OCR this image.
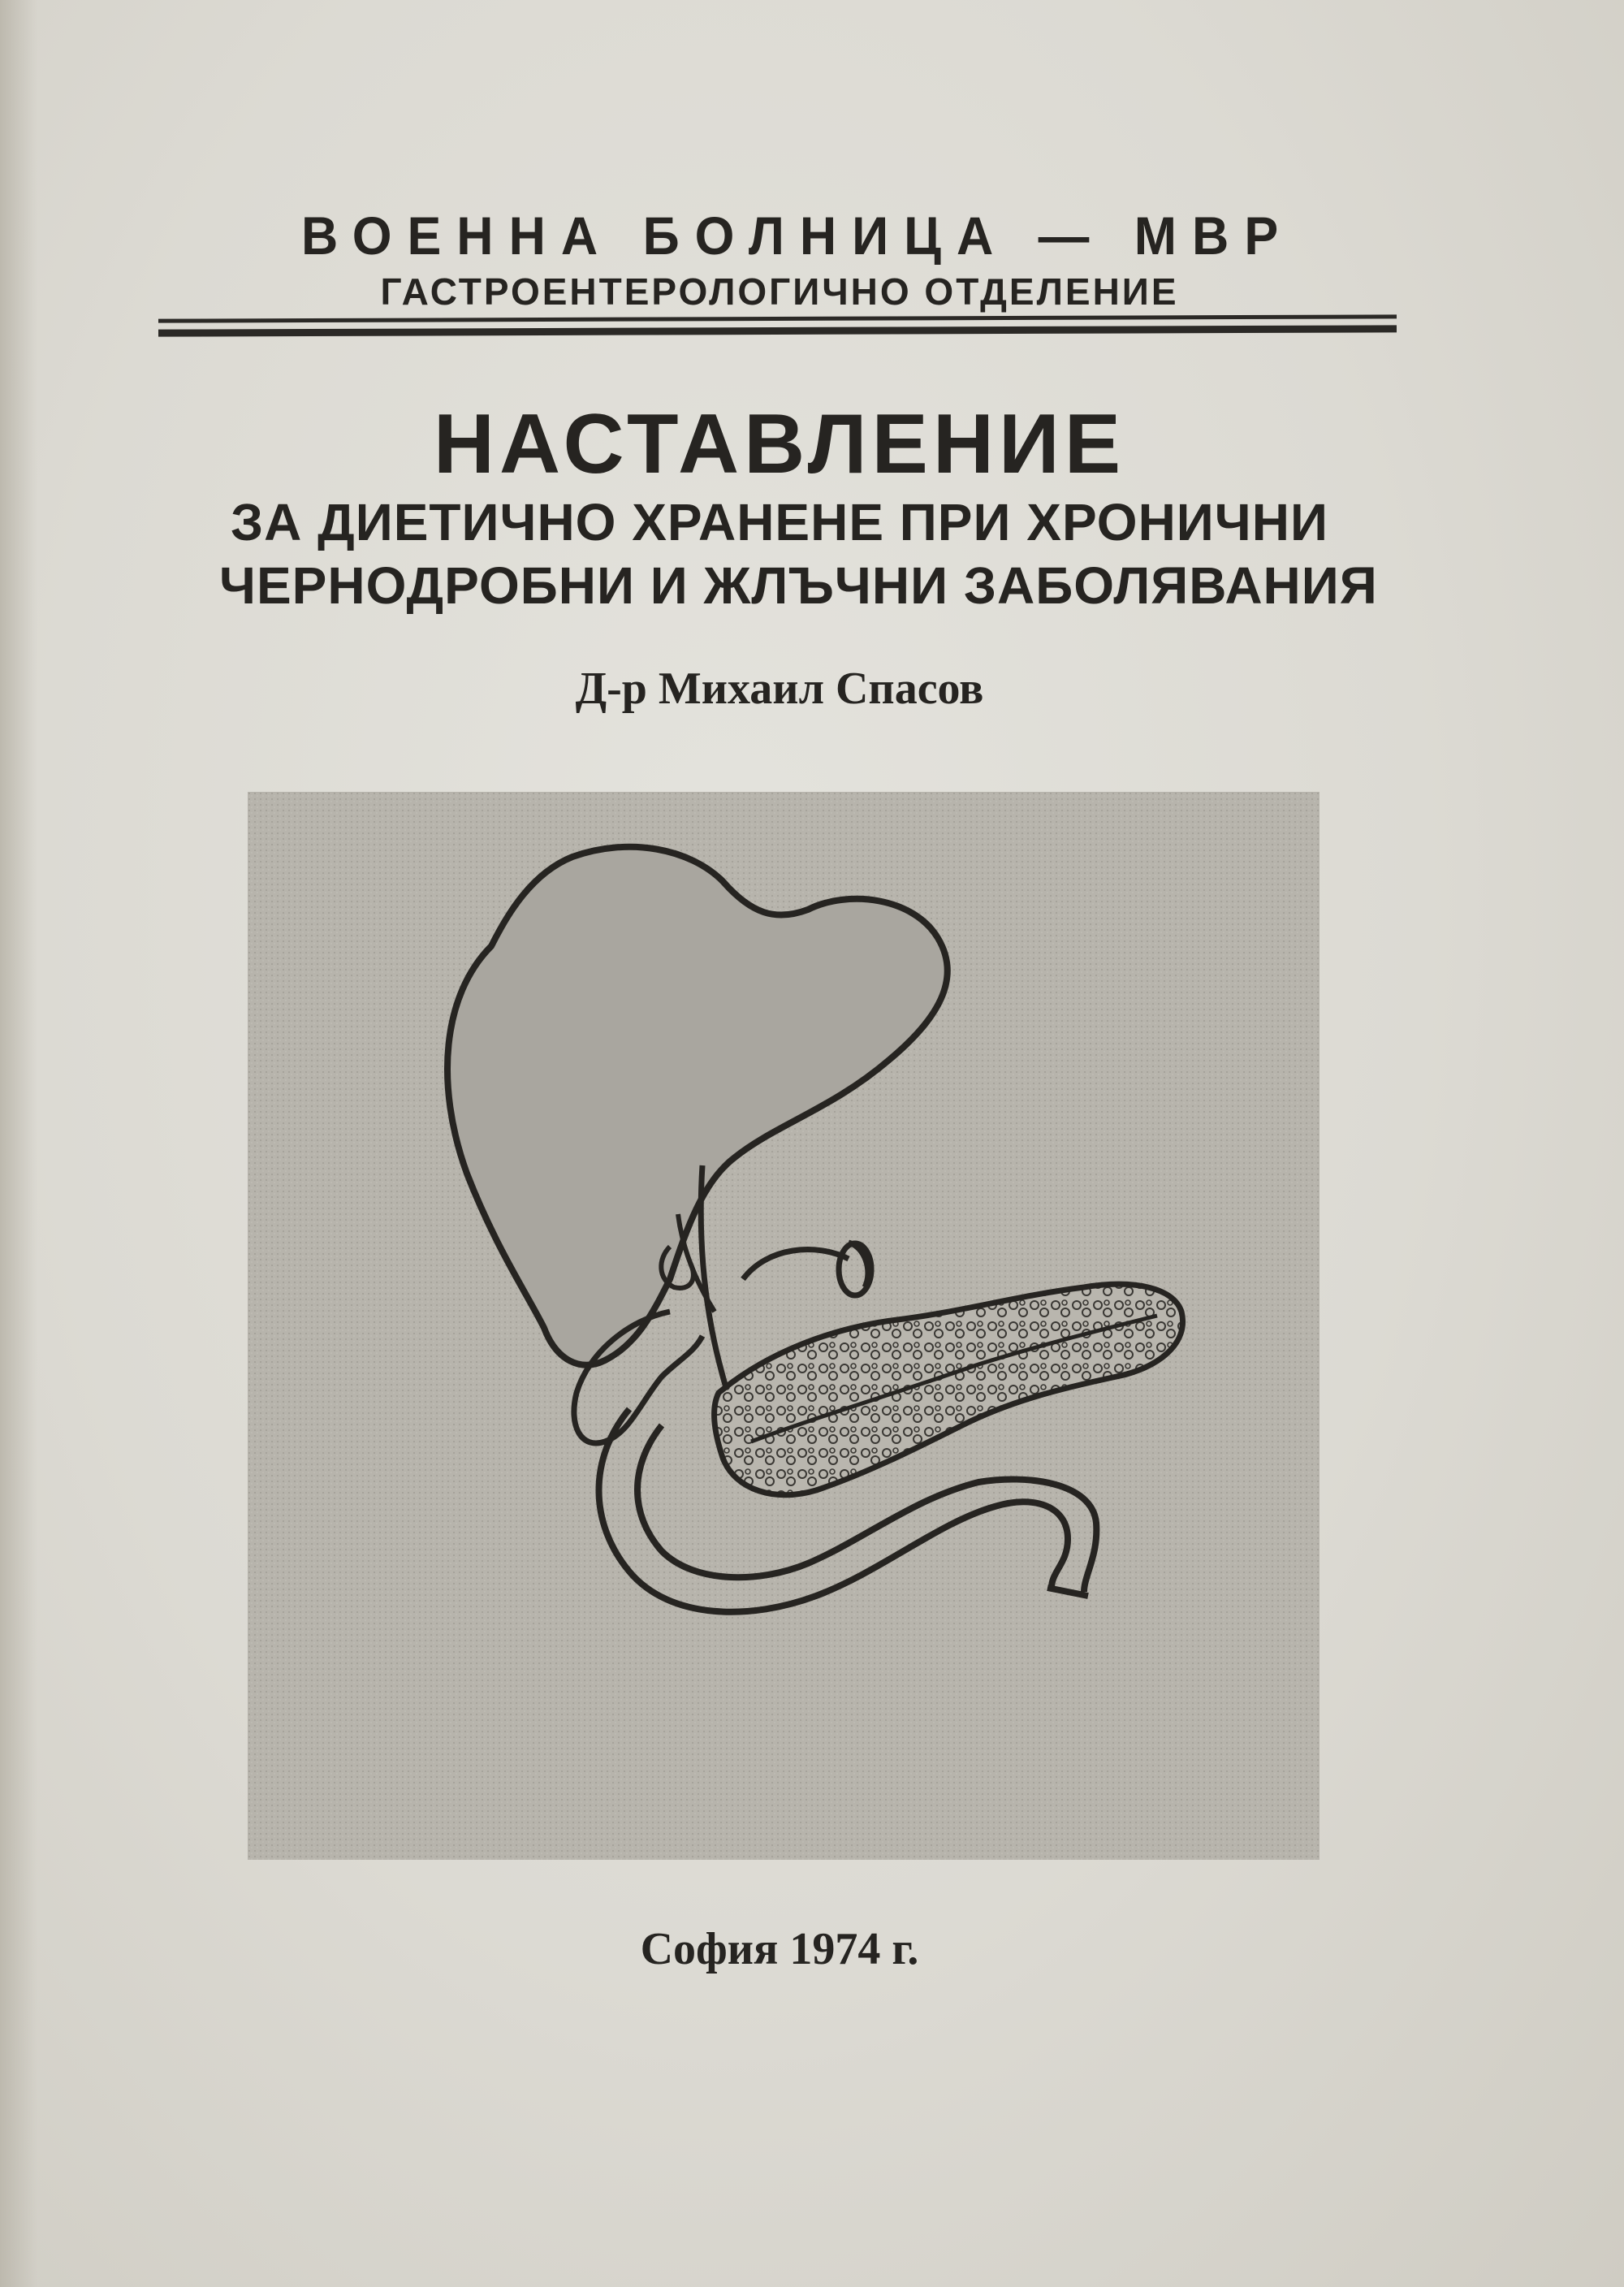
ВОЕННА БОЛНИЦА — МВР
ГАСТРОЕНТЕРОЛОГИЧНО ОТДЕЛЕНИЕ
НАСТАВЛЕНИЕ
ЗА ДИЕТИЧНО ХРАНЕНЕ ПРИ ХРОНИЧНИ
ЧЕРНОДРОБНИ И ЖЛЪЧНИ ЗАБОЛЯВАНИЯ
Д-р Михаил Спасов
София 1974 г.
